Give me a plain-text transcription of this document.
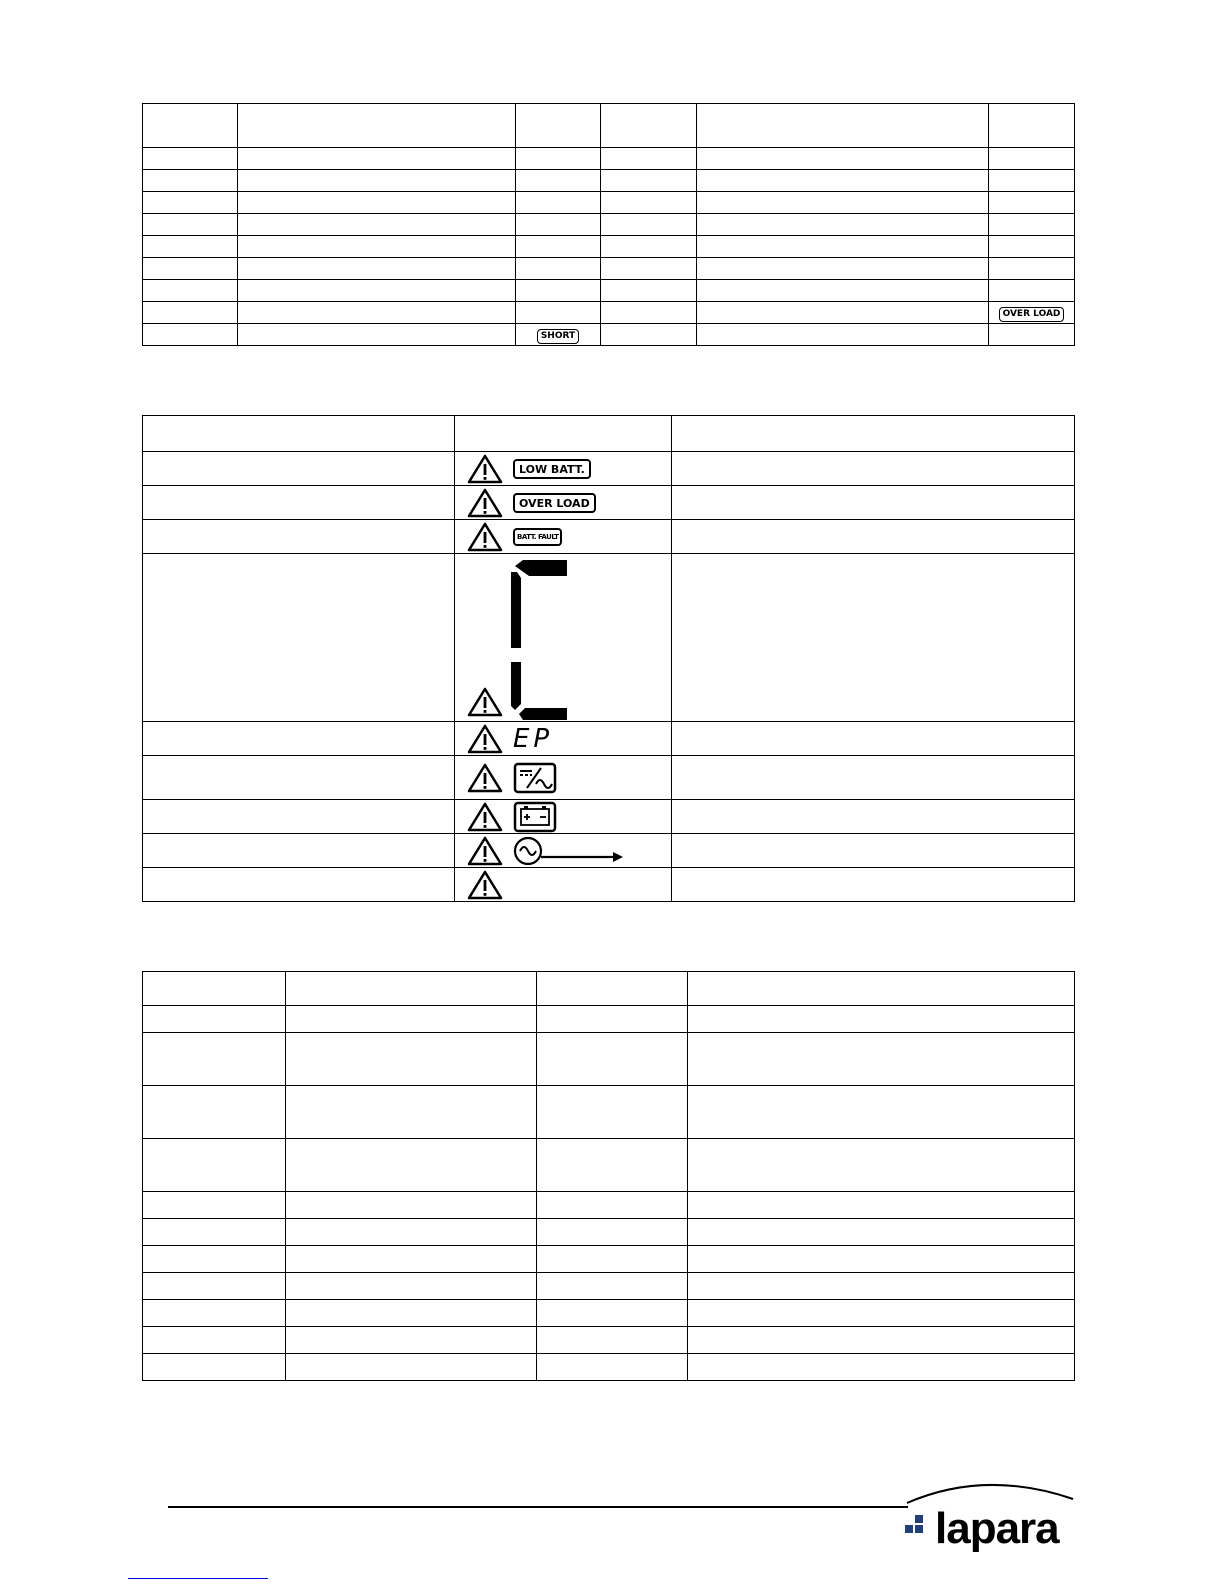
					OVER LOAD
		SHORT			

	LOW BATT.	

	OVER LOAD	

	BATT. FAULT	

	EP	

lapara
